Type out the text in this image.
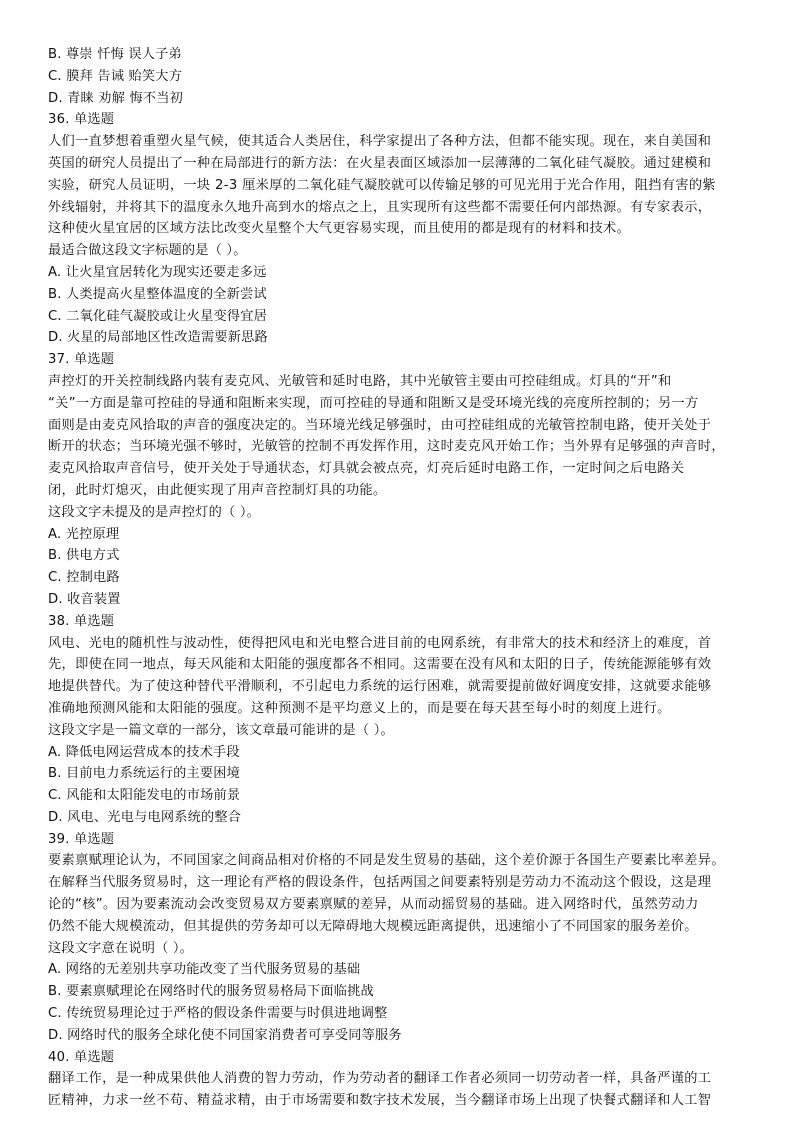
B. 尊崇 忏悔 误人子弟
C. 膜拜 告诫 贻笑大方
D. 青睐 劝解 悔不当初
36. 单选题
人们一直梦想着重塑火星气候，使其适合人类居住，科学家提出了各种方法，但都不能实现。现在，来自美国和
英国的研究人员提出了一种在局部进行的新方法：在火星表面区域添加一层薄薄的二氧化硅气凝胶。通过建模和
实验，研究人员证明，一块 2-3 厘米厚的二氧化硅气凝胶就可以传输足够的可见光用于光合作用，阻挡有害的紫
外线辐射，并将其下的温度永久地升高到水的熔点之上，且实现所有这些都不需要任何内部热源。有专家表示，
这种使火星宜居的区域方法比改变火星整个大气更容易实现，而且使用的都是现有的材料和技术。
最适合做这段文字标题的是（ ）。
A. 让火星宜居转化为现实还要走多远
B. 人类提高火星整体温度的全新尝试
C. 二氧化硅气凝胶或让火星变得宜居
D. 火星的局部地区性改造需要新思路
37. 单选题
声控灯的开关控制线路内装有麦克风、光敏管和延时电路，其中光敏管主要由可控硅组成。灯具的“开”和
“关”一方面是靠可控硅的导通和阻断来实现，而可控硅的导通和阻断又是受环境光线的亮度所控制的；另一方
面则是由麦克风拾取的声音的强度决定的。当环境光线足够强时，由可控硅组成的光敏管控制电路，使开关处于
断开的状态；当环境光强不够时，光敏管的控制不再发挥作用，这时麦克风开始工作；当外界有足够强的声音时，
麦克风拾取声音信号，使开关处于导通状态，灯具就会被点亮，灯亮后延时电路工作，一定时间之后电路关
闭，此时灯熄灭，由此便实现了用声音控制灯具的功能。
这段文字未提及的是声控灯的（ ）。
A. 光控原理
B. 供电方式
C. 控制电路
D. 收音装置
38. 单选题
风电、光电的随机性与波动性，使得把风电和光电整合进目前的电网系统，有非常大的技术和经济上的难度，首
先，即使在同一地点，每天风能和太阳能的强度都各不相同。这需要在没有风和太阳的日子，传统能源能够有效
地提供替代。为了使这种替代平滑顺利，不引起电力系统的运行困难，就需要提前做好调度安排，这就要求能够
准确地预测风能和太阳能的强度。这种预测不是平均意义上的，而是要在每天甚至每小时的刻度上进行。
这段文字是一篇文章的一部分，该文章最可能讲的是（ ）。
A. 降低电网运营成本的技术手段
B. 目前电力系统运行的主要困境
C. 风能和太阳能发电的市场前景
D. 风电、光电与电网系统的整合
39. 单选题
要素禀赋理论认为，不同国家之间商品相对价格的不同是发生贸易的基础，这个差价源于各国生产要素比率差异。
在解释当代服务贸易时，这一理论有严格的假设条件，包括两国之间要素特别是劳动力不流动这个假设，这是理
论的“核”。因为要素流动会改变贸易双方要素禀赋的差异，从而动摇贸易的基础。进入网络时代，虽然劳动力
仍然不能大规模流动，但其提供的劳务却可以无障碍地大规模远距离提供，迅速缩小了不同国家的服务差价。
这段文字意在说明（ ）。
A. 网络的无差别共享功能改变了当代服务贸易的基础
B. 要素禀赋理论在网络时代的服务贸易格局下面临挑战
C. 传统贸易理论过于严格的假设条件需要与时俱进地调整
D. 网络时代的服务全球化使不同国家消费者可享受同等服务
40. 单选题
翻译工作，是一种成果供他人消费的智力劳动，作为劳动者的翻译工作者必须同一切劳动者一样，具备严谨的工
匠精神，力求一丝不苟、精益求精，由于市场需要和数字技术发展，当今翻译市场上出现了快餐式翻译和人工智
